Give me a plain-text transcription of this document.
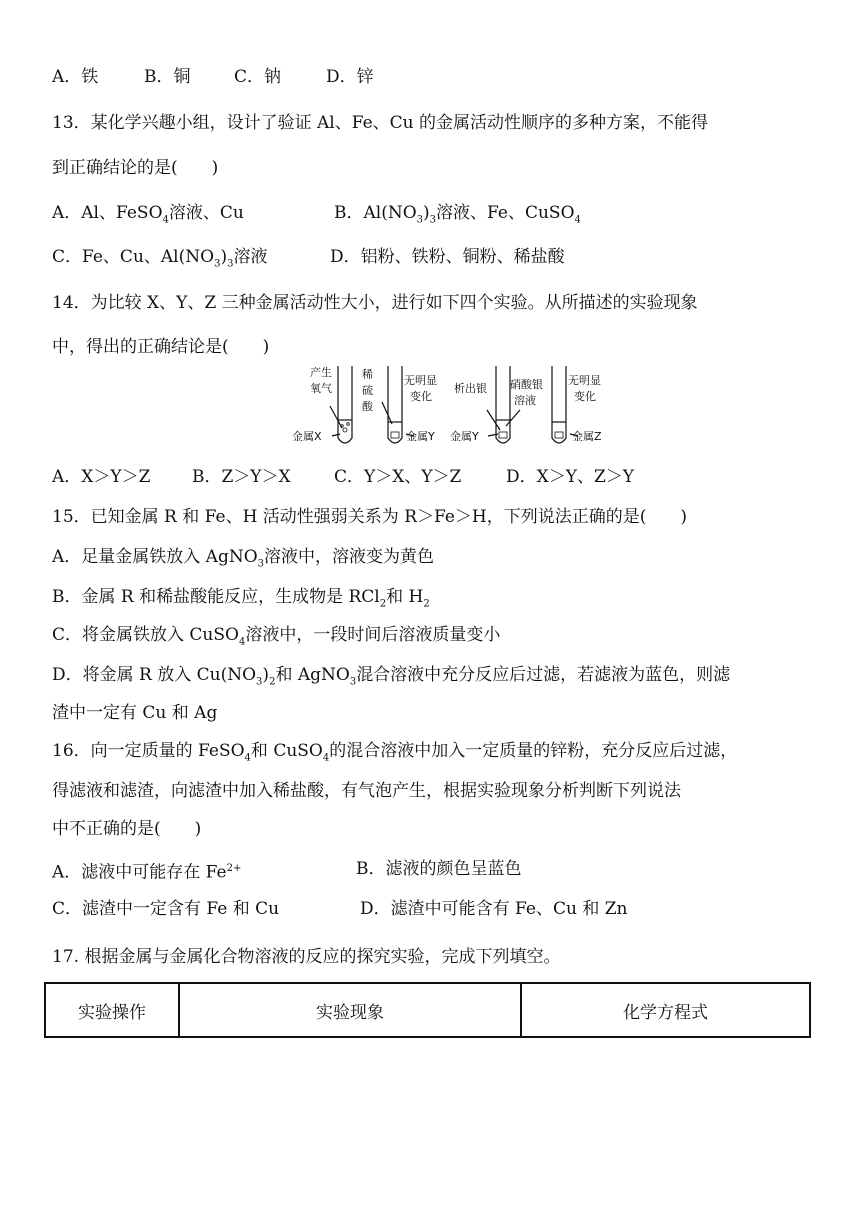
A．铁	B．铜	C．钠	D．锌
13．某化学兴趣小组，设计了验证 Al、Fe、Cu 的金属活动性顺序的多种方案，不能得
到正确结论的是(　　)
A．Al、FeSO$_4$溶液、Cu	B．$Al(NO_3)_3$溶液、Fe、CuSO$_4$
C．Fe、Cu、$Al(NO_3)_3$溶液	D．铝粉、铁粉、铜粉、稀盐酸
14．为比较 X、Y、Z 三种金属活动性大小，进行如下四个实验。从所描述的实验现象
中，得出的正确结论是(　　)
产生
氧气
金属X
稀
硫
酸
无明显
变化
金属Y
析出银
金属Y
硝酸银
溶液
无明显
变化
金属Z
A．X＞Y＞Z B．Z＞Y＞X	C．Y＞X、Y＞Z	D．X＞Y、Z＞Y
15．已知金属 R 和 Fe、H 活动性强弱关系为 R＞Fe＞H，下列说法正确的是(　　)
A．足量金属铁放入 AgNO$_3$溶液中，溶液变为黄色
B．金属 R 和稀盐酸能反应，生成物是 RCl$_2$和 $H_2$
C．将金属铁放入 CuSO$_4$溶液中，一段时间后溶液质量变小
D．将金属 R 放入 $Cu(NO_3)_2$和 AgNO$_3$混合溶液中充分反应后过滤，若滤液为蓝色，则滤
渣中一定有 Cu 和 Ag
16．向一定质量的 FeSO$_4$和 CuSO$_4$的混合溶液中加入一定质量的锌粉，充分反应后过滤，
得滤液和滤渣，向滤渣中加入稀盐酸，有气泡产生，根据实验现象分析判断下列说法
中不正确的是(　　)
A．滤液中可能存在 $Fe^{2+}$	B．滤液的颜色呈蓝色
C．滤渣中一定含有 Fe 和 Cu	D．滤渣中可能含有 Fe、Cu 和 Zn
17. 根据金属与金属化合物溶液的反应的探究实验，完成下列填空。
实验操作	实验现象	化学方程式
